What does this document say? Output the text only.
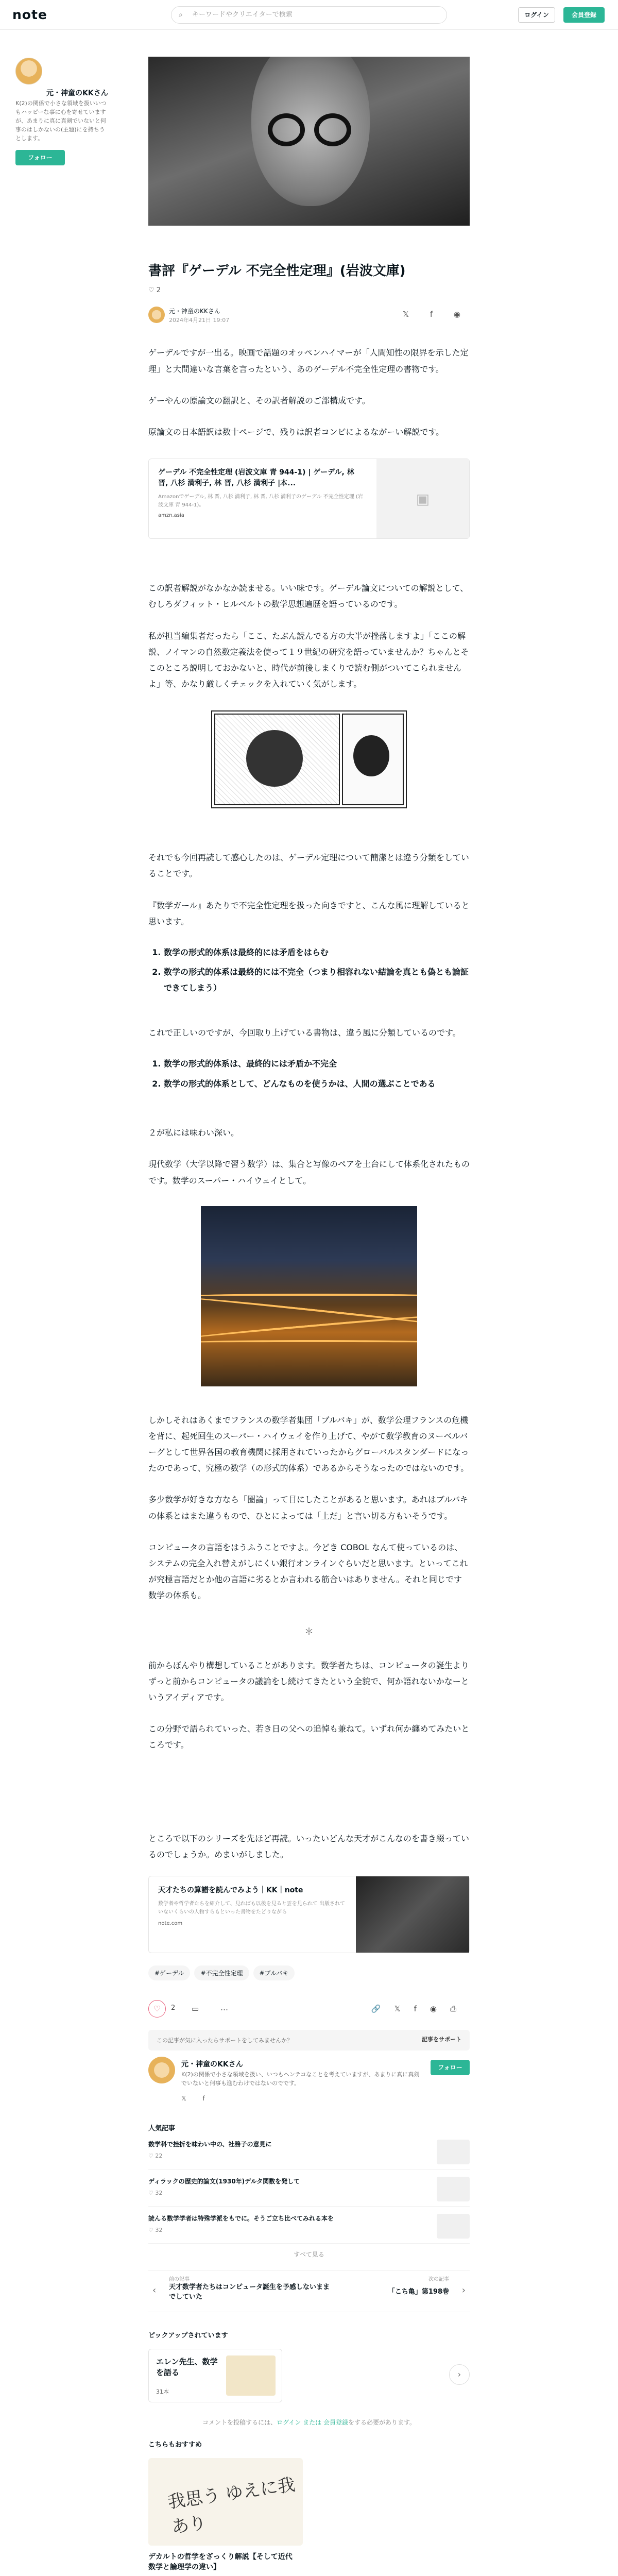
note	⌕ キーワードやクリエイターで検索	ログイン	会員登録
元・神童のKKさん
K(2)の関係で小さな領域を扱いいつもハッピーな事に心を寄せていますが、あまりに真に真剣でいないと何事のはしかないの(主題)にを持ちうとします。
フォロー
書評『ゲーデル 不完全性定理』(岩波文庫)
♡ 2
元・神童のKKさん
2024年4月21日 19:07
𝕏 f ◉

ゲーデルですが一出る。映画で話題のオッペンハイマーが「人間知性の限界を示した定理」と大間違いな言葉を言ったという、あのゲーデル不完全性定理の書物です。

ゲーやんの原論文の翻訳と、その訳者解説のご部構成です。

原論文の日本語訳は数十ページで、残りは訳者コンビによるながーい解説です。

ゲーデル 不完全性定理 (岩波文庫 青 944-1) | ゲーデル, 林 晋, 八杉 満利子, 林 晋, 八杉 満利子 |本...
Amazonでゲーデル, 林 晋, 八杉 満利子, 林 晋, 八杉 満利子のゲーデル 不完全性定理 (岩波文庫 青 944-1)。
amzn.asia
▣

この訳者解説がなかなか読ませる。いい味です。ゲーデル論文についての解説として、むしろダフィット・ヒルベルトの数学思想遍歴を語っているのです。

私が担当編集者だったら「ここ、たぶん読んでる方の大半が挫落しますよ」「ここの解説、ノイマンの自然数定義法を使って１９世紀の研究を語っていませんか？ちゃんとそこのところ説明しておかないと、時代が前後しまくりで読む側がついてこられませんよ」等、かなり厳しくチェックを入れていく気がします。

それでも今回再読して感心したのは、ゲーデル定理について簡潔とは違う分類をしていることです。

『数学ガール』あたりで不完全性定理を扱った向きですと、こんな風に理解していると思います。

1. 数学の形式的体系は最終的には矛盾をはらむ
2. 数学の形式的体系は最終的には不完全（つまり相容れない結論を真とも偽とも論証できてしまう）

これで正しいのですが、今回取り上げている書物は、違う風に分類しているのです。

1. 数学の形式的体系は、最終的には矛盾か不完全
2. 数学の形式的体系として、どんなものを使うかは、人間の選ぶことである

２が私には味わい深い。

現代数学（大学以降で習う数学）は、集合と写像のペアを土台にして体系化されたものです。数学のスーパー・ハイウェイとして。

しかしそれはあくまでフランスの数学者集団「ブルバキ」が、数学公理フランスの危機を背に、起死回生のスーパー・ハイウェイを作り上げて、やがて数学教育のヌーベルバーグとして世界各国の教育機関に採用されていったからグローバルスタンダードになったのであって、究極の数学（の形式的体系）であるからそうなったのではないのです。

多少数学が好きな方なら「圏論」って目にしたことがあると思います。あれはブルバキの体系とはまた違うもので、ひとによっては「上だ」と言い切る方もいそうです。

コンピュータの言語をはうふうことですよ。今どき COBOL なんて使っているのは、システムの完全入れ替えがしにくい銀行オンラインぐらいだと思います。といってこれが究極言語だとか他の言語に劣るとか言われる筋合いはありません。それと同じです数学の体系も。

＊

前からぼんやり構想していることがあります。数学者たちは、コンピュータの誕生よりずっと前からコンピュータの議論をし続けてきたという全貌で、何か語れないかなーというアイディアです。

この分野で語られていった、若き日の父への追悼も兼ねて。いずれ何か纏めてみたいところです。

ところで以下のシリーズを先ほど再読。いったいどんな天才がこんなのを書き綴っているのでしょうか。めまいがしました。

天才たちの算譜を読んでみよう｜KK｜note
数学者や哲学者たちを紹介して、見ればも以後を見ると雲を見られて 出版されていないくらいの人物すらもといった書物をたどりながら
note.com
#ゲーデル	#不完全性定理	#ブルバキ
♡	2 ▭	…	🔗𝕏f◉⎙
この記事が気に入ったらサポートをしてみませんか？	記事をサポート
元・神童のKKさん
K(2)の関係で小さな領域を扱い、いつもヘンテコなことを考えていますが、あまりに真に真剣でいないと何事も進むわけではないのでです。
フォロー
𝕏 f
人気記事
数学科で挫折を味わい中の、社務子の意見に
♡ 22
ディラックの歴史的論文(1930年)デルタ関数を発して
♡ 32
読んる数学学者は特殊学派をもでに。そうご立ち比べてみれる本を
♡ 32
すべて見る
‹
前の記事
天才数学者たちはコンピュータ誕生を予感しないままでしていた
次の記事
「こち亀」第198巻 ›
ピックアップされています
エレン先生、数学を語る
31本
›
コメントを投稿するには、ログイン または 会員登録をする必要があります。
こちらもおすすめ
我思う ゆえに我あり
デカルトの哲学をざっくり解説【そして近代　数学と論理学の違い】
